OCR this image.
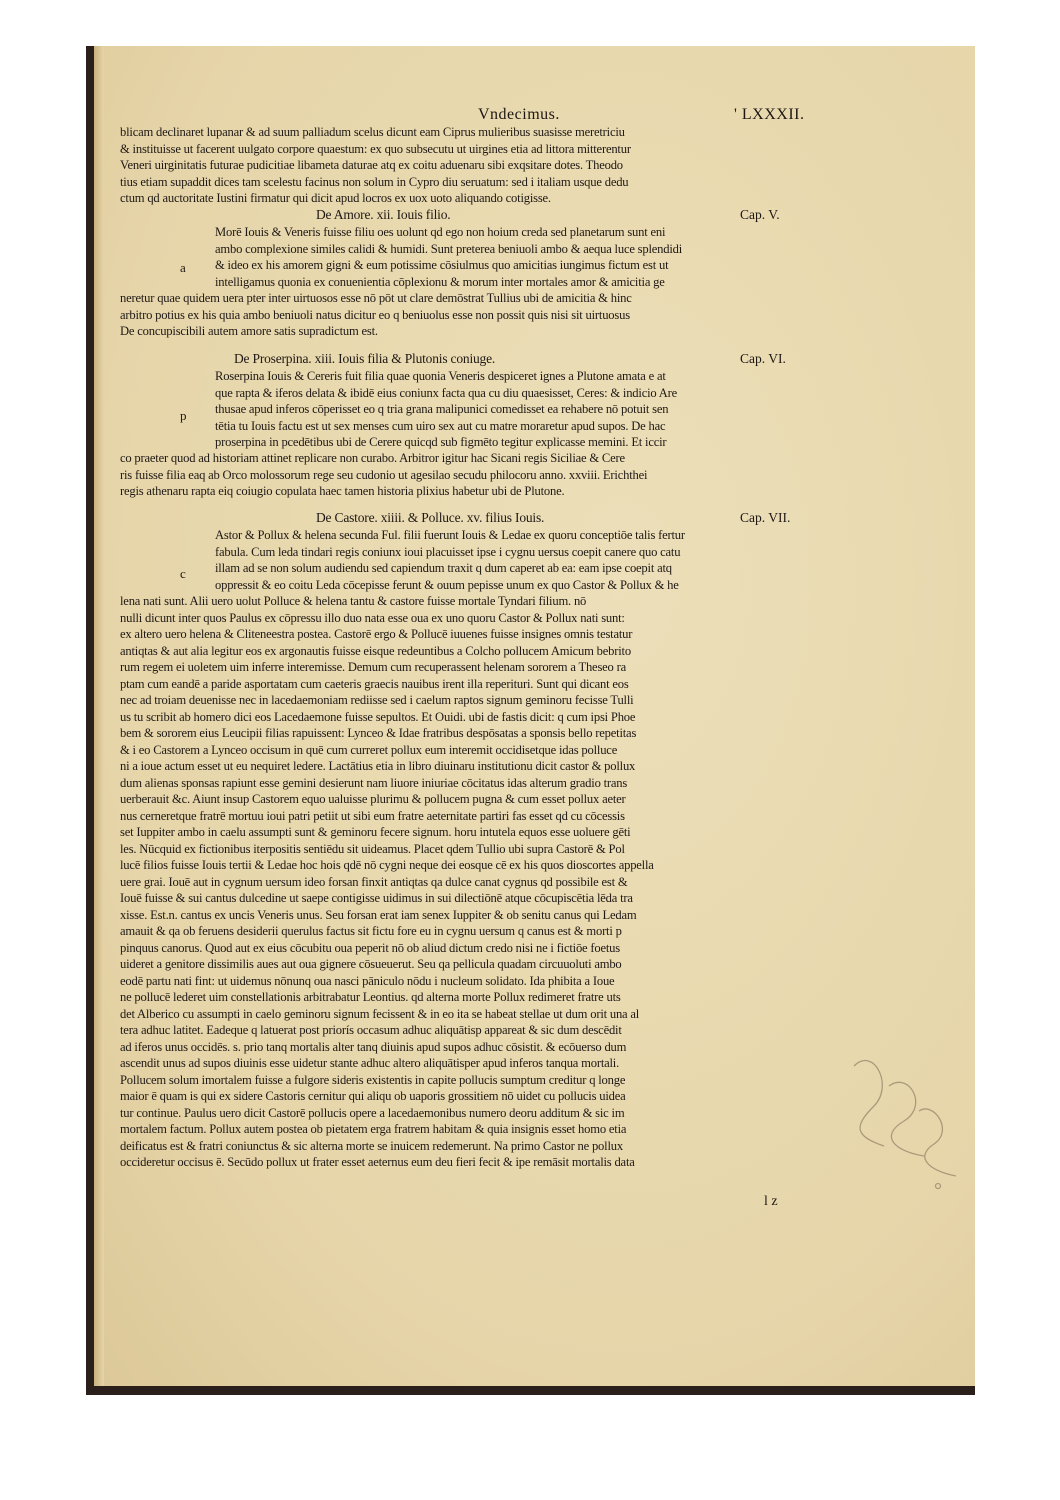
Vndecimus.	' LXXXII.
blicam declinaret lupanar & ad suum palliadum scelus dicunt eam Ciprus mulieribus suasisse meretriciu
& instituisse ut facerent uulgato corpore quaestum: ex quo subsecutu ut uirgines etia ad littora mitterentur
Veneri uirginitatis futurae pudicitiae libameta daturae atq ex coitu aduenaru sibi exqsitare dotes. Theodo
tius etiam supaddit dices tam scelestu facinus non solum in Cypro diu seruatum: sed i italiam usque dedu
ctum qd auctoritate Iustini firmatur qui dicit apud locros ex uox uoto aliquando cotigisse.
De Amore. xii. Iouis filio.	Cap. V.
a
Morē Iouis & Veneris fuisse filiu oes uolunt qd ego non hoium creda sed planetarum sunt eni
ambo complexione similes calidi & humidi. Sunt preterea beniuoli ambo & aequa luce splendidi
& ideo ex his amorem gigni & eum potissime cōsiulmus quo amicitias iungimus fictum est ut
intelligamus quonia ex conuenientia cōplexionu & morum inter mortales amor & amicitia ge
neretur quae quidem uera pter inter uirtuosos esse nō pōt ut clare demōstrat Tullius ubi de amicitia & hinc
arbitro potius ex his quia ambo beniuoli natus dicitur eo q beniuolus esse non possit quis nisi sit uirtuosus
De concupiscibili autem amore satis supradictum est.
De Proserpina. xiii. Iouis filia & Plutonis coniuge.	Cap. VI.
p
Roserpina Iouis & Cereris fuit filia quae quonia Veneris despiceret ignes a Plutone amata e at
que rapta & iferos delata & ibidē eius coniunx facta qua cu diu quaesisset, Ceres: & indicio Are
thusae apud inferos cōperisset eo q tria grana malipunici comedisset ea rehabere nō potuit sen
tētia tu Iouis factu est ut sex menses cum uiro sex aut cu matre moraretur apud supos. De hac
proserpina in pcedētibus ubi de Cerere quicqd sub figmēto tegitur explicasse memini. Et iccir
co praeter quod ad historiam attinet replicare non curabo. Arbitror igitur hac Sicani regis Siciliae & Cere
ris fuisse filia eaq ab Orco molossorum rege seu cudonio ut agesilao secudu philocoru anno. xxviii. Erichthei
regis athenaru rapta eiq coiugio copulata haec tamen historia plixius habetur ubi de Plutone.
De Castore. xiiii. & Polluce. xv. filius Iouis.	Cap. VII.
c
Astor & Pollux & helena secunda Ful. filii fuerunt Iouis & Ledae ex quoru conceptiōe talis fertur
fabula. Cum leda tindari regis coniunx ioui placuisset ipse i cygnu uersus coepit canere quo catu
illam ad se non solum audiendu sed capiendum traxit q dum caperet ab ea: eam ipse coepit atq
oppressit & eo coitu Leda cōcepisse ferunt & ouum pepisse unum ex quo Castor & Pollux & he
lena nati sunt. Alii uero uolut Polluce & helena tantu & castore fuisse mortale Tyndari filium. nō
nulli dicunt inter quos Paulus ex cōpressu illo duo nata esse oua ex uno quoru Castor & Pollux nati sunt:
ex altero uero helena & Cliteneestra postea. Castorē ergo & Pollucē iuuenes fuisse insignes omnis testatur
antiqtas & aut alia legitur eos ex argonautis fuisse eisque redeuntibus a Colcho pollucem Amicum bebrito
rum regem ei uoletem uim inferre interemisse. Demum cum recuperassent helenam sororem a Theseo ra
ptam cum eandē a paride asportatam cum caeteris graecis nauibus irent illa reperituri. Sunt qui dicant eos
nec ad troiam deuenisse nec in lacedaemoniam rediisse sed i caelum raptos signum geminoru fecisse Tulli
us tu scribit ab homero dici eos Lacedaemone fuisse sepultos. Et Ouidi. ubi de fastis dicit: q cum ipsi Phoe
bem & sororem eius Leucipii filias rapuissent: Lynceo & Idae fratribus despōsatas a sponsis bello repetitas
& i eo Castorem a Lynceo occisum in quē cum curreret pollux eum interemit occidisetque idas polluce
ni a ioue actum esset ut eu nequiret ledere. Lactātius etia in libro diuinaru institutionu dicit castor & pollux
dum alienas sponsas rapiunt esse gemini desierunt nam liuore iniuriae cōcitatus idas alterum gradio trans
uerberauit &c. Aiunt insup Castorem equo ualuisse plurimu & pollucem pugna & cum esset pollux aeter
nus cerneretque fratrē mortuu ioui patri petiit ut sibi eum fratre aeternitate partiri fas esset qd cu cōcessis
set Iuppiter ambo in caelu assumpti sunt & geminoru fecere signum. horu intutela equos esse uoluere gēti
les. Nūcquid ex fictionibus iterpositis sentiēdu sit uideamus. Placet qdem Tullio ubi supra Castorē & Pol
lucē filios fuisse Iouis tertii & Ledae hoc hois qdē nō cygni neque dei eosque cē ex his quos dioscortes appella
uere grai. Iouē aut in cygnum uersum ideo forsan finxit antiqtas qa dulce canat cygnus qd possibile est &
Iouē fuisse & sui cantus dulcedine ut saepe contigisse uidimus in sui dilectiōnē atque cōcupiscētia lēda tra
xisse. Est.n. cantus ex uncis Veneris unus. Seu forsan erat iam senex Iuppiter & ob senitu canus qui Ledam
amauit & qa ob feruens desiderii querulus factus sit fictu fore eu in cygnu uersum q canus est & morti p
pinquus canorus. Quod aut ex eius cōcubitu oua peperit nō ob aliud dictum credo nisi ne i fictiōe foetus
uideret a genitore dissimilis aues aut oua gignere cōsueuerut. Seu qa pellicula quadam circuuoluti ambo
eodē partu nati fint: ut uidemus nōnunq oua nasci pāniculo nōdu i nucleum solidato. Ida phibita a Ioue
ne pollucē lederet uim constellationis arbitrabatur Leontius. qd alterna morte Pollux redimeret fratre uts
det Alberico cu assumpti in caelo geminoru signum fecissent & in eo ita se habeat stellae ut dum orit una al
tera adhuc latitet. Eadeque q latuerat post priorís occasum adhuc aliquātisp appareat & sic dum descēdit
ad iferos unus occidēs. s. prio tanq mortalis alter tanq diuinis apud supos adhuc cōsistit. & ecōuerso dum
ascendit unus ad supos diuinis esse uidetur stante adhuc altero aliquātisper apud inferos tanqua mortali.
Pollucem solum imortalem fuisse a fulgore sideris existentis in capite pollucis sumptum creditur q longe
maior ē quam is qui ex sidere Castoris cernitur qui aliqu ob uaporis grossitiem nō uidet cu pollucis uidea
tur continue. Paulus uero dicit Castorē pollucis opere a lacedaemonibus numero deoru additum & sic im
mortalem factum. Pollux autem postea ob pietatem erga fratrem habitam & quia insignis esset homo etia
deificatus est & fratri coniunctus & sic alterna morte se inuicem redemerunt. Na primo Castor ne pollux
occideretur occisus ē. Secūdo pollux ut frater esset aeternus eum deu fieri fecit & ipe remāsit mortalis data
l z
